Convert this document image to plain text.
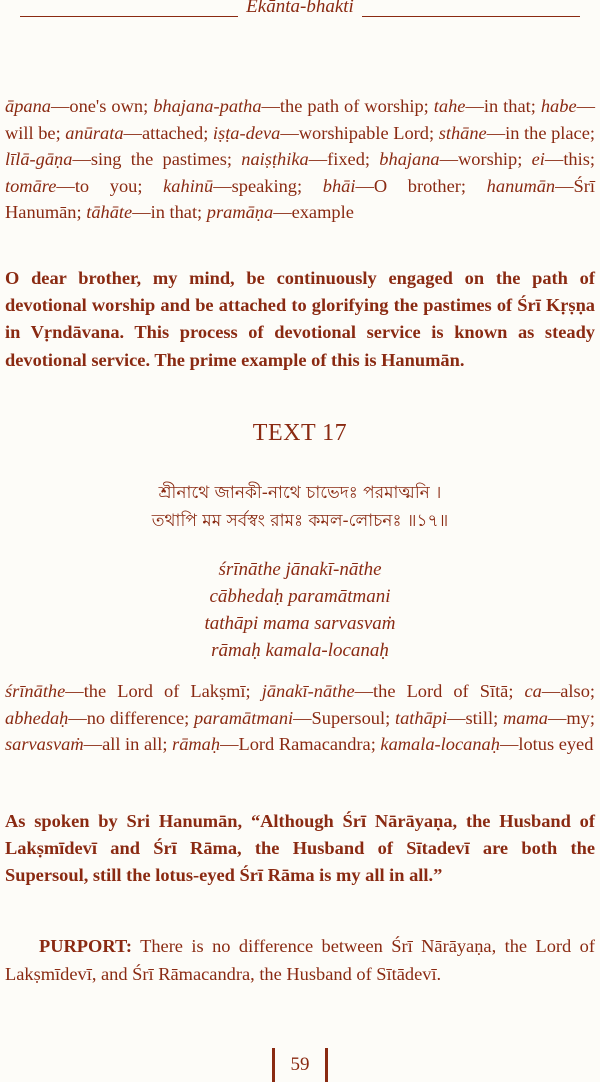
Ekānta-bhakti

āpana—one's own; bhajana-patha—the path of worship; tahe—in that; habe—will be; anūrata—attached; iṣṭa-deva—worshipable Lord; sthāne—in the place; līlā-gāṇa—sing the pastimes; naiṣṭhika—fixed; bhajana—worship; ei—this; tomāre—to you; kahinū—speaking; bhāi—O brother; hanumān—Śrī Hanumān; tāhāte—in that; pramāṇa—example

O dear brother, my mind, be continuously engaged on the path of devotional worship and be attached to glorifying the pastimes of Śrī Kṛṣṇa in Vṛndāvana. This process of devotional service is known as steady devotional service. The prime example of this is Hanumān.
TEXT 17
শ্রীনাথে জানকী-নাথে চাভেদঃ পরমাত্মনি ।
তথাপি মম সর্বস্বং রামঃ কমল-লোচনঃ ॥১৭॥
śrīnāthe jānakī-nāthe
cābhedaḥ paramātmani
tathāpi mama sarvasvaṁ
rāmaḥ kamala-locanaḥ

śrīnāthe—the Lord of Lakṣmī; jānakī-nāthe—the Lord of Sītā; ca—also; abhedaḥ—no difference; paramātmani—Supersoul; tathāpi—still; mama—my; sarvasvaṁ—all in all; rāmaḥ—Lord Ramacandra; kamala-locanaḥ—lotus eyed

As spoken by Sri Hanumān, “Although Śrī Nārāyaṇa, the Husband of Lakṣmīdevī and Śrī Rāma, the Husband of Sītadevī are both the Supersoul, still the lotus-eyed Śrī Rāma is my all in all.”
PURPORT: There is no difference between Śrī Nārāyaṇa, the Lord of Lakṣmīdevī, and Śrī Rāmacandra, the Husband of Sītādevī.
59
